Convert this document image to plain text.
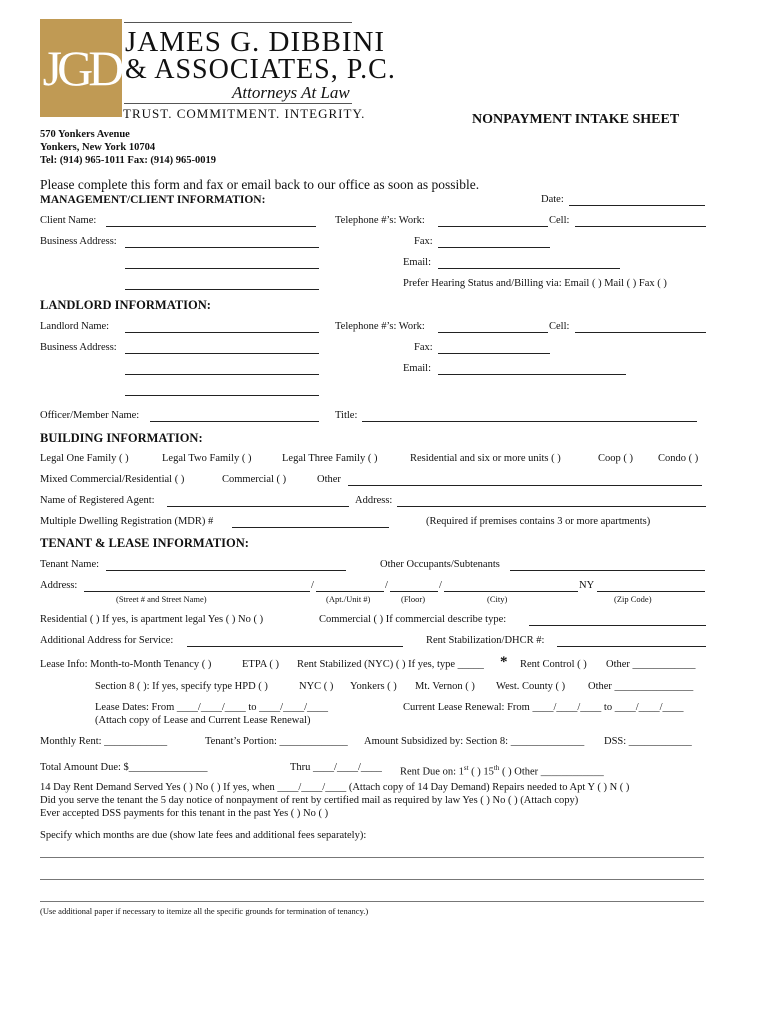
JGD JAMES G. DIBBINI
& ASSOCIATES, P.C.
Attorneys At Law
TRUST. COMMITMENT. INTEGRITY.	NONPAYMENT INTAKE SHEET
570 Yonkers Avenue
Yonkers, New York 10704
Tel: (914) 965-1011 Fax: (914) 965-0019
Please complete this form and fax or email back to our office as soon as possible.
MANAGEMENT/CLIENT INFORMATION:	Date:
Client Name:	Telephone #’s: Work:	Cell:
Business Address:	Fax:
Email:
Prefer Hearing Status and/Billing via: Email ( ) Mail ( ) Fax ( )
LANDLORD INFORMATION:
Landlord Name:	Telephone #’s: Work:	Cell:
Business Address:	Fax:
Email:
Officer/Member Name:	Title:
BUILDING INFORMATION:
Legal One Family ( )	Legal Two Family ( )	Legal Three Family ( )	Residential and six or more units ( )	Coop ( ) Condo ( )
Mixed Commercial/Residential ( )	Commercial ( )	Other
Name of Registered Agent:	Address:
Multiple Dwelling Registration (MDR) #	(Required if premises contains 3 or more apartments)
TENANT & LEASE INFORMATION:
Tenant Name:	Other Occupants/Subtenants
Address:	/	/	/	NY
(Street # and Street Name)	(Apt./Unit #)	(Floor)	(City)	(Zip Code)
Residential ( ) If yes, is apartment legal Yes ( ) No ( )	Commercial ( ) If commercial describe type:
Additional Address for Service:	Rent Stabilization/DHCR #:
Lease Info: Month-to-Month Tenancy ( )	ETPA ( ) Rent Stabilized (NYC) ( ) If yes, type _____ * Rent Control ( ) Other ____________
Section 8 ( ): If yes, specify type HPD ( )	NYC ( ) Yonkers ( ) Mt. Vernon ( ) West. County ( ) Other _______________
Lease Dates: From ____/____/____ to ____/____/____	Current Lease Renewal: From ____/____/____ to ____/____/____
(Attach copy of Lease and Current Lease Renewal)
Monthly Rent: ____________	Tenant’s Portion: _____________ Amount Subsidized by: Section 8: ______________ DSS: ____________
Total Amount Due: $_______________	Thru ____/____/____ Rent Due on: 1st ( ) 15th ( ) Other ____________
14 Day Rent Demand Served Yes ( ) No ( ) If yes, when ____/____/____ (Attach copy of 14 Day Demand) Repairs needed to Apt Y ( ) N ( )
Did you serve the tenant the 5 day notice of nonpayment of rent by certified mail as required by law Yes ( ) No ( ) (Attach copy)
Ever accepted DSS payments for this tenant in the past Yes ( ) No ( )
Specify which months are due (show late fees and additional fees separately):
(Use additional paper if necessary to itemize all the specific grounds for termination of tenancy.)
